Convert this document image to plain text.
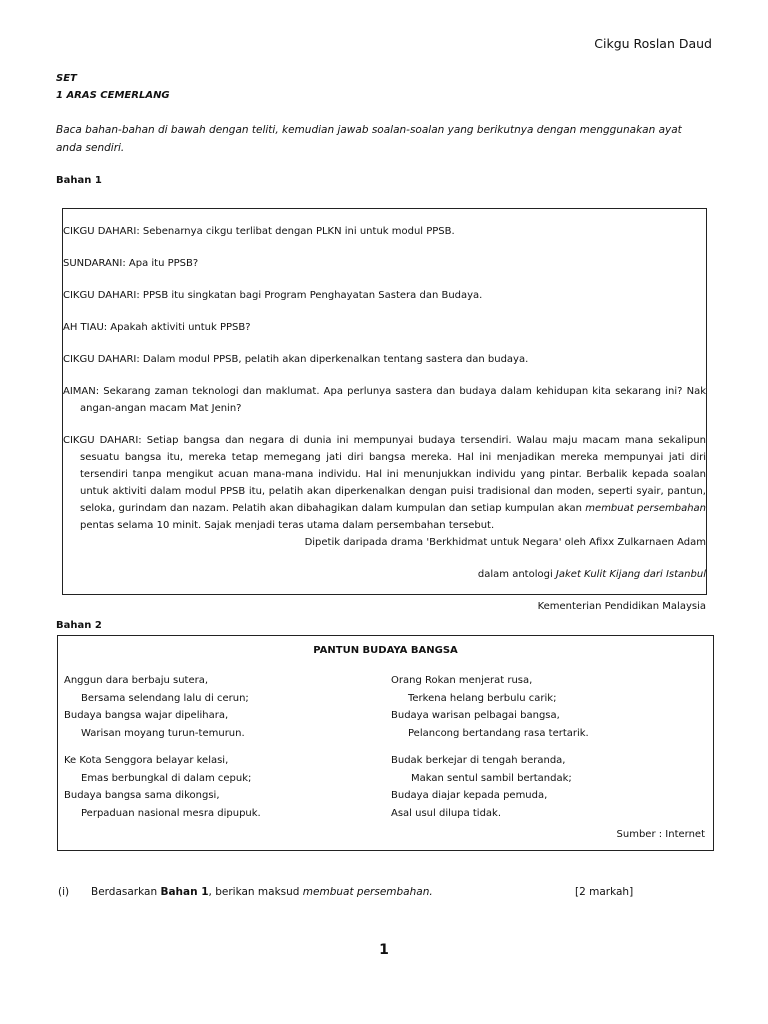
Cikgu Roslan Daud
SET
1 ARAS CEMERLANG
Baca bahan-bahan di bawah dengan teliti, kemudian jawab soalan-soalan yang berikutnya dengan menggunakan ayat anda sendiri.
Bahan 1

CIKGU DAHARI: Sebenarnya cikgu terlibat dengan PLKN ini untuk modul PPSB.

SUNDARANI: Apa itu PPSB?

CIKGU DAHARI: PPSB itu singkatan bagi Program Penghayatan Sastera dan Budaya.

AH TIAU: Apakah aktiviti untuk PPSB?

CIKGU DAHARI: Dalam modul PPSB, pelatih akan diperkenalkan tentang sastera dan budaya.

AIMAN: Sekarang zaman teknologi dan maklumat. Apa perlunya sastera dan budaya dalam kehidupan kita sekarang ini? Nak angan-angan macam Mat Jenin?

CIKGU DAHARI: Setiap bangsa dan negara di dunia ini mempunyai budaya tersendiri. Walau maju macam mana sekalipun sesuatu bangsa itu, mereka tetap memegang jati diri bangsa mereka. Hal ini menjadikan mereka mempunyai jati diri tersendiri tanpa mengikut acuan mana-mana individu. Hal ini menunjukkan individu yang pintar. Berbalik kepada soalan untuk aktiviti dalam modul PPSB itu, pelatih akan diperkenalkan dengan puisi tradisional dan moden, seperti syair, pantun, seloka, gurindam dan nazam. Pelatih akan dibahagikan dalam kumpulan dan setiap kumpulan akan membuat persembahan pentas selama 10 minit. Sajak menjadi teras utama dalam persembahan tersebut.

Dipetik daripada drama 'Berkhidmat untuk Negara' oleh Afixx Zulkarnaen Adam

dalam antologi Jaket Kulit Kijang dari Istanbul

Kementerian Pendidikan Malaysia

Bahan 2
PANTUN BUDAYA BANGSA
Anggun dara berbaju sutera,
Bersama selendang lalu di cerun;
Budaya bangsa wajar dipelihara,
Warisan moyang turun-temurun.
Ke Kota Senggora belayar kelasi,
Emas berbungkal di dalam cepuk;
Budaya bangsa sama dikongsi,
Perpaduan nasional mesra dipupuk.
Orang Rokan menjerat rusa,
Terkena helang berbulu carik;
Budaya warisan pelbagai bangsa,
Pelancong bertandang rasa tertarik.
Budak berkejar di tengah beranda,
Makan sentul sambil bertandak;
Budaya diajar kepada pemuda,
Asal usul dilupa tidak.
Sumber : Internet
(i) Berdasarkan Bahan 1, berikan maksud membuat persembahan.	[2 markah]
1
